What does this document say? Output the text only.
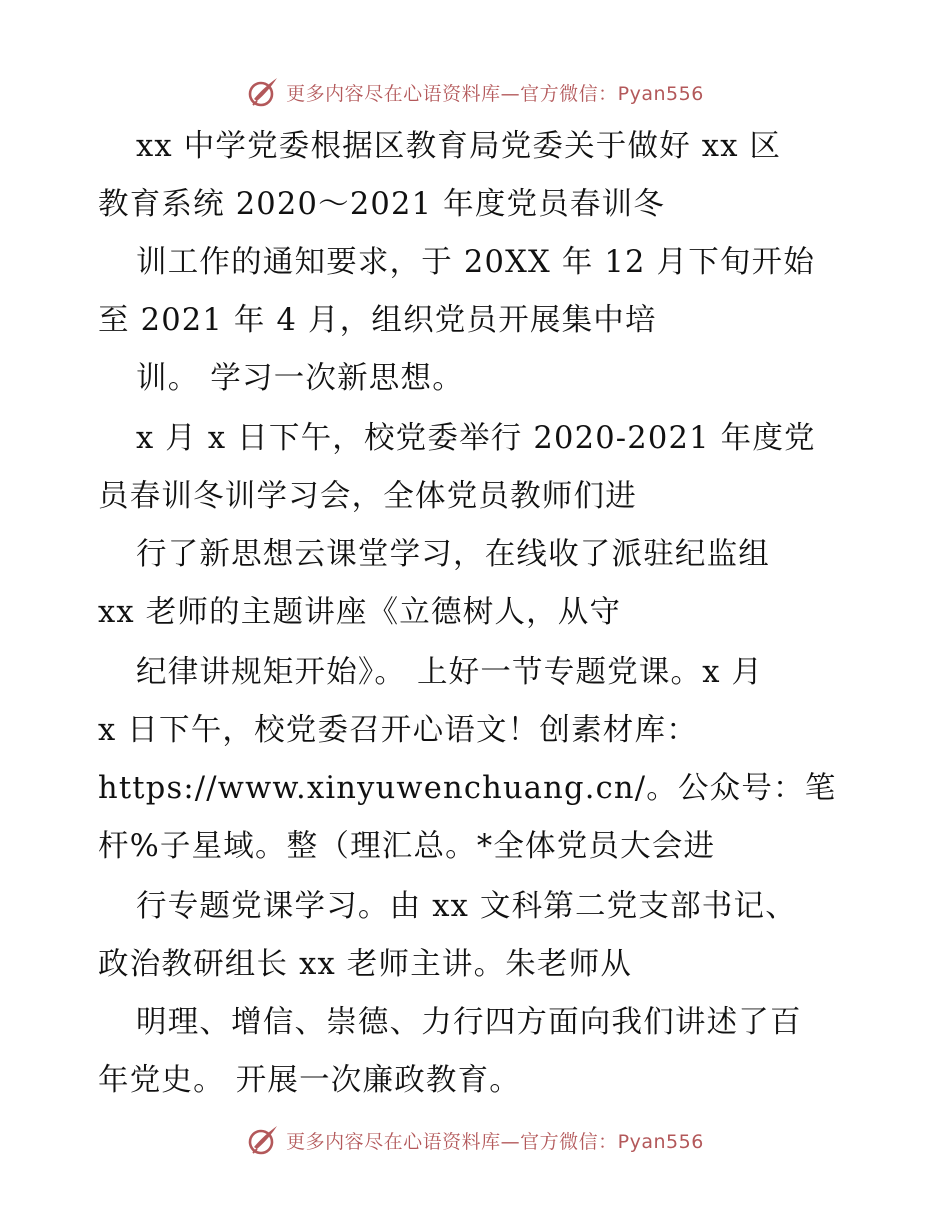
更多内容尽在心语资料库—官方微信：Pyan556
xx 中学党委根据区教育局党委关于做好 xx 区
教育系统 2020～2021 年度党员春训冬
训工作的通知要求，于 20XX 年 12 月下旬开始
至 2021 年 4 月，组织党员开展集中培
训。 学习一次新思想。
x 月 x 日下午，校党委举行 2020-2021 年度党
员春训冬训学习会，全体党员教师们进
行了新思想云课堂学习，在线收了派驻纪监组
xx 老师的主题讲座《立德树人，从守
纪律讲规矩开始》。 上好一节专题党课。x 月
x 日下午，校党委召开心语文！创素材库：
https://www.xinyuwenchuang.cn/。公众号：笔
杆%子星域。整（理汇总。*全体党员大会进
行专题党课学习。由 xx 文科第二党支部书记、
政治教研组长 xx 老师主讲。朱老师从
明理、增信、崇德、力行四方面向我们讲述了百
年党史。 开展一次廉政教育。
更多内容尽在心语资料库—官方微信：Pyan556
